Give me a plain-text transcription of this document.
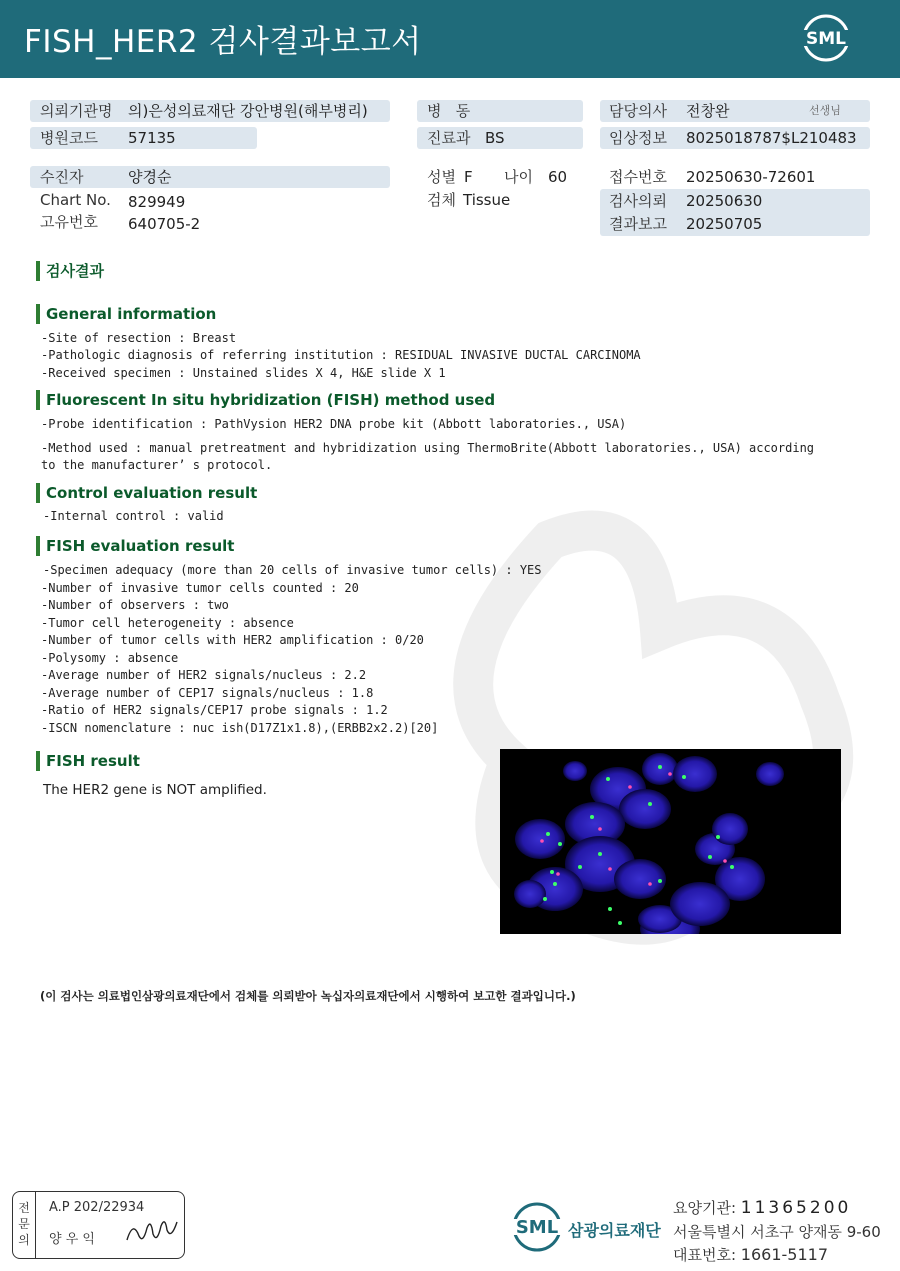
FISH_HER2 검사결과보고서	SML
의뢰기관명 의)은성의료재단 강안병원(해부병리)
병원코드 57135
병   동
진료과 BS
담당의사 전창완	선생님
임상정보 8025018787$L210483
수진자	양경순
Chart No. 829949
고유번호 640705-2
성별 F 나이 60
검체 Tissue
접수번호 20250630-72601
검사의뢰 20250630
결과보고 20250705
검사결과
General information
-Site of resection : Breast
-Pathologic diagnosis of referring institution : RESIDUAL INVASIVE DUCTAL CARCINOMA
-Received specimen : Unstained slides X 4, H&E slide X 1
Fluorescent In situ hybridization (FISH) method used
-Probe identification : PathVysion HER2 DNA probe kit (Abbott laboratories., USA)
-Method used : manual pretreatment and hybridization using ThermoBrite(Abbott laboratories., USA) according
to the manufacturer’ s protocol.
Control evaluation result
-Internal control : valid
FISH evaluation result
-Specimen adequacy (more than 20 cells of invasive tumor cells) : YES
-Number of invasive tumor cells counted : 20
-Number of observers : two
-Tumor cell heterogeneity : absence
-Number of tumor cells with HER2 amplification : 0/20
-Polysomy : absence
-Average number of HER2 signals/nucleus : 2.2
-Average number of CEP17 signals/nucleus : 1.8
-Ratio of HER2 signals/CEP17 probe signals : 1.2
-ISCN nomenclature : nuc ish(D17Z1x1.8),(ERBB2x2.2)[20]
FISH result
The HER2 gene is NOT amplified.
(이 검사는 의료법인삼광의료재단에서 검체를 의뢰받아 녹십자의료재단에서 시행하여 보고한 결과입니다.)
전
문
의
A.P 202/22934
양 우 익
SML 삼광의료재단
요양기관: 11365200
서울특별시 서초구 양재동 9-60
대표번호: 1661-5117
